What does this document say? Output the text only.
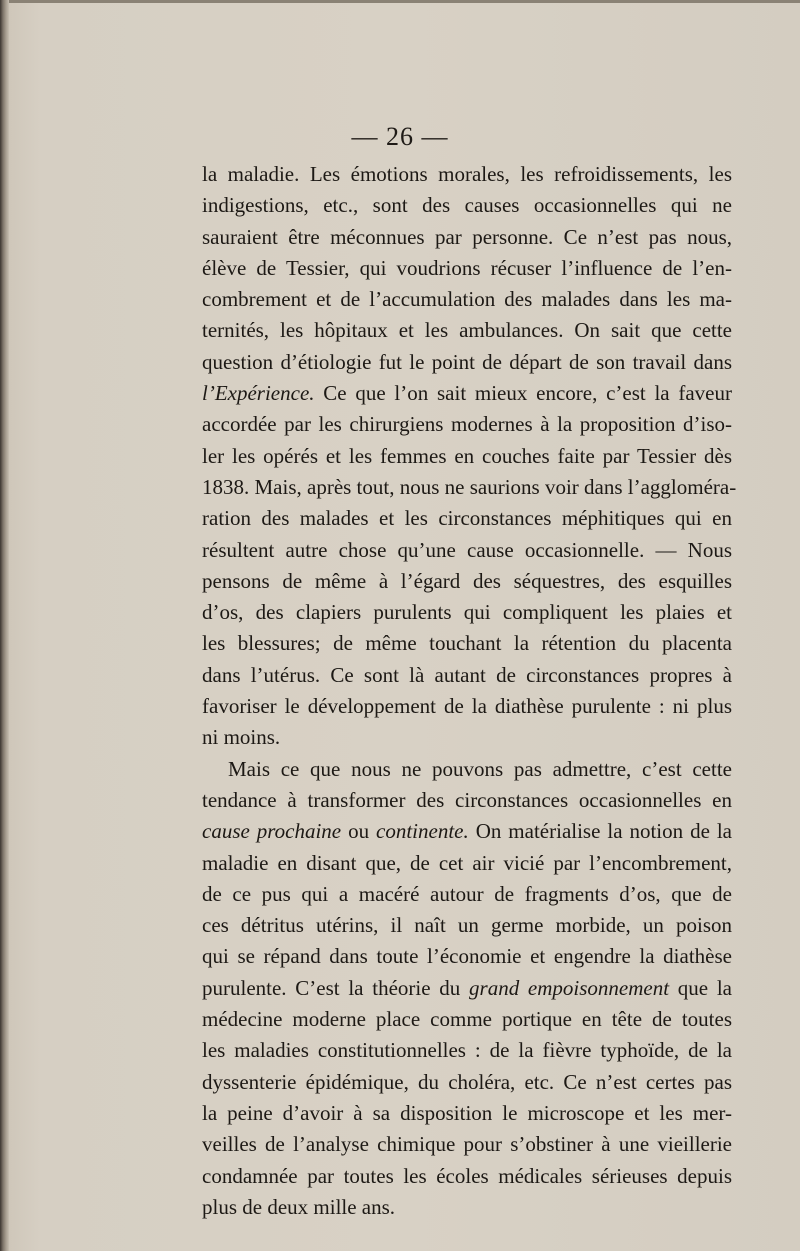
— 26 —
la maladie. Les émotions morales, les refroidissements, les
indigestions, etc., sont des causes occasionnelles qui ne
sauraient être méconnues par personne. Ce n’est pas nous,
élève de Tessier, qui voudrions récuser l’influence de l’en-
combrement et de l’accumulation des malades dans les ma-
ternités, les hôpitaux et les ambulances. On sait que cette
question d’étiologie fut le point de départ de son travail dans
l’Expérience. Ce que l’on sait mieux encore, c’est la faveur
accordée par les chirurgiens modernes à la proposition d’iso-
ler les opérés et les femmes en couches faite par Tessier dès
1838. Mais, après tout, nous ne saurions voir dans l’aggloméra-
ration des malades et les circonstances méphitiques qui en
résultent autre chose qu’une cause occasionnelle. — Nous
pensons de même à l’égard des séquestres, des esquilles
d’os, des clapiers purulents qui compliquent les plaies et
les blessures; de même touchant la rétention du placenta
dans l’utérus. Ce sont là autant de circonstances propres à
favoriser le développement de la diathèse purulente : ni plus
ni moins.
Mais ce que nous ne pouvons pas admettre, c’est cette
tendance à transformer des circonstances occasionnelles en
cause prochaine ou continente. On matérialise la notion de la
maladie en disant que, de cet air vicié par l’encombrement,
de ce pus qui a macéré autour de fragments d’os, que de
ces détritus utérins, il naît un germe morbide, un poison
qui se répand dans toute l’économie et engendre la diathèse
purulente. C’est la théorie du grand empoisonnement que la
médecine moderne place comme portique en tête de toutes
les maladies constitutionnelles : de la fièvre typhoïde, de la
dyssenterie épidémique, du choléra, etc. Ce n’est certes pas
la peine d’avoir à sa disposition le microscope et les mer-
veilles de l’analyse chimique pour s’obstiner à une vieillerie
condamnée par toutes les écoles médicales sérieuses depuis
plus de deux mille ans.
